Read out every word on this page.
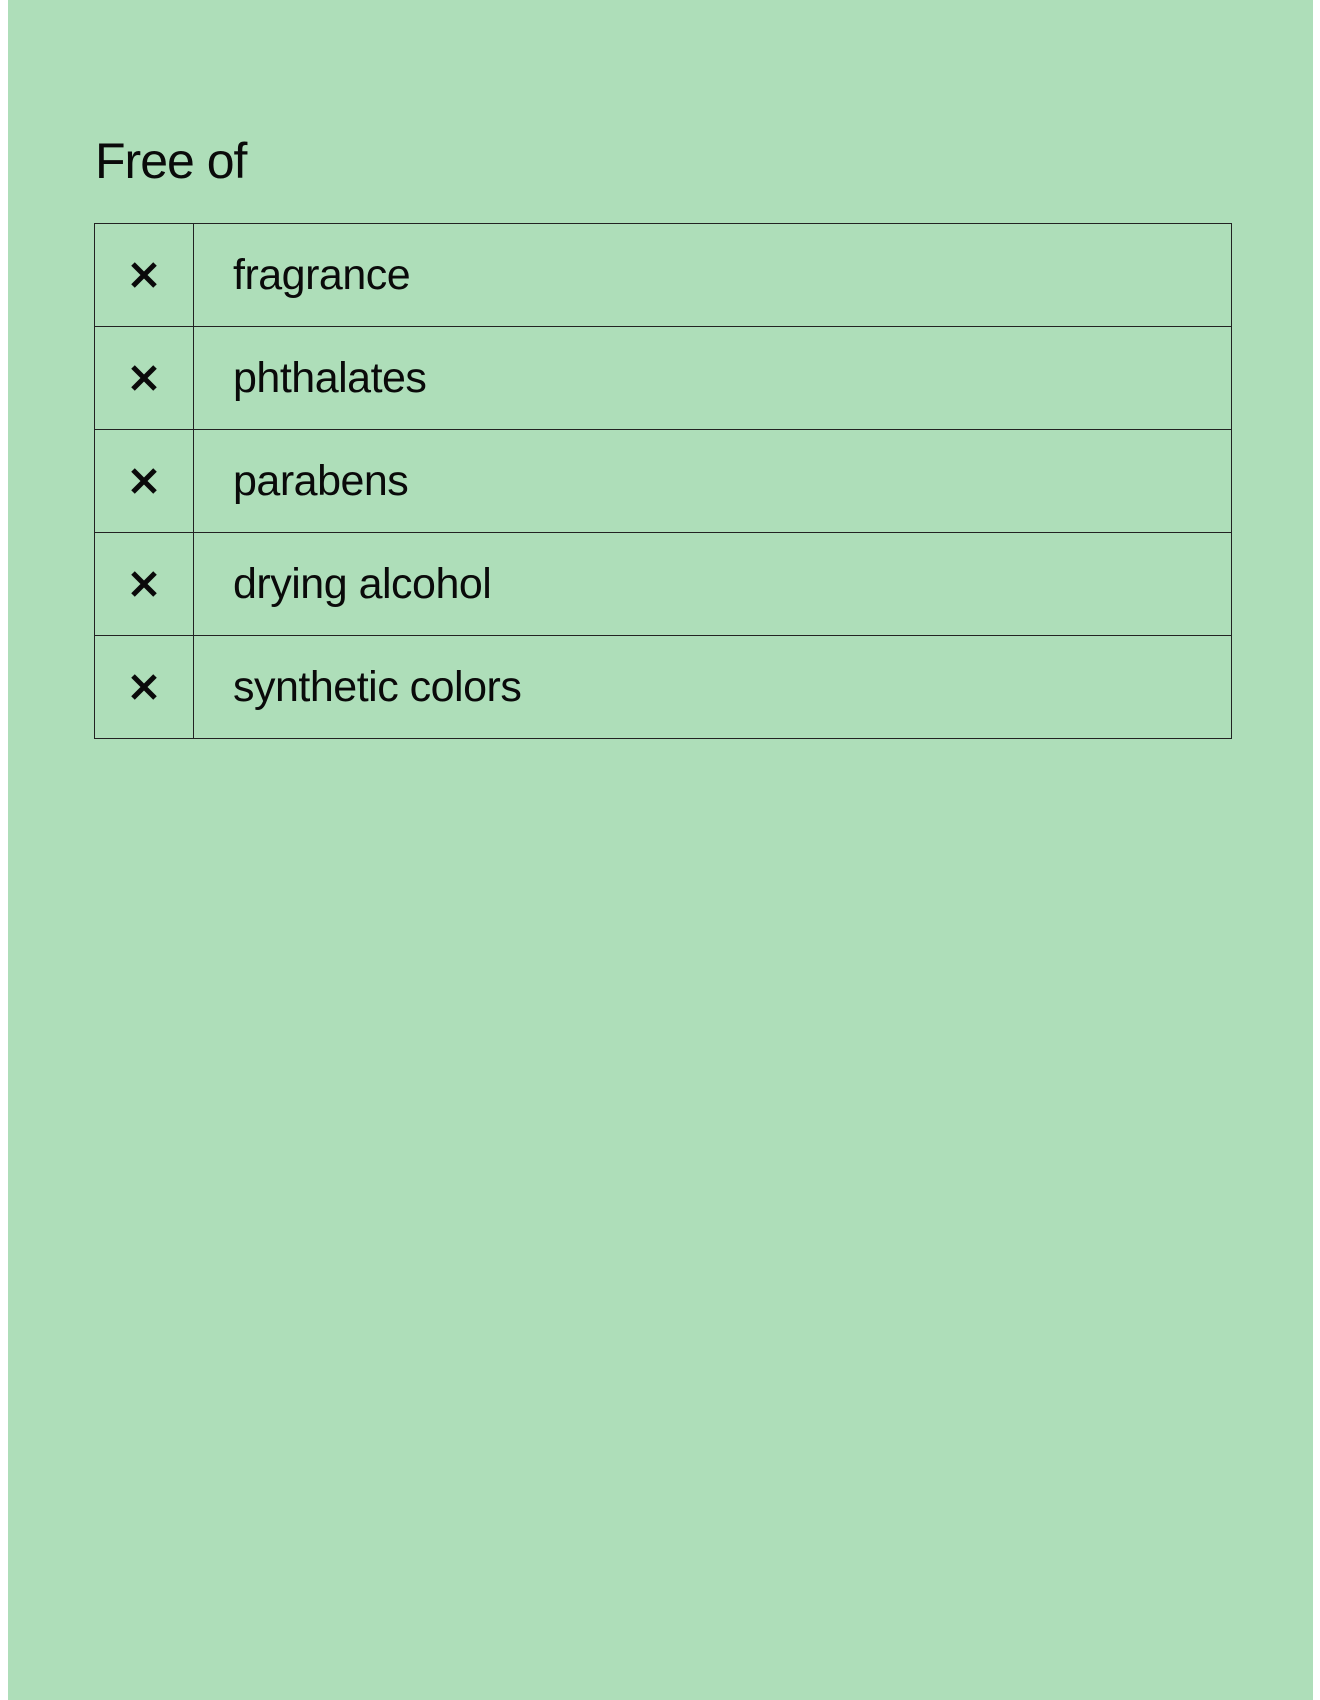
Free of
	fragrance
	phthalates
	parabens
	drying alcohol
	synthetic colors
